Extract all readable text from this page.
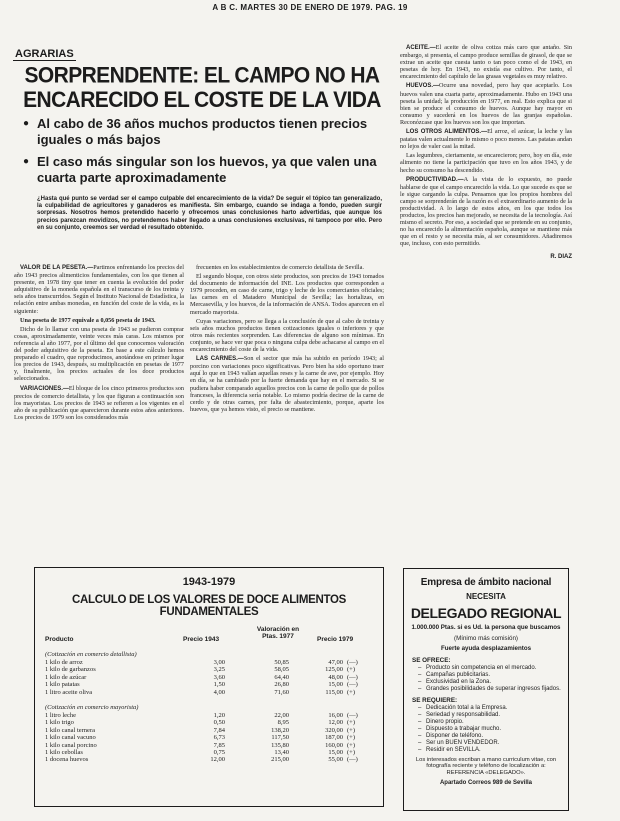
A B C. MARTES 30 DE ENERO DE 1979. PAG. 19
AGRARIAS
SORPRENDENTE: EL CAMPO NO HA ENCARECIDO EL COSTE DE LA VIDA
● Al cabo de 36 años muchos productos tienen precios iguales o más bajos
● El caso más singular son los huevos, ya que valen una cuarta parte aproximadamente
¿Hasta qué punto se verdad ser el campo culpable del encarecimiento de la vida? De seguir el tópico tan generalizado, la culpabilidad de agricultores y ganaderos es manifiesta. Sin embargo, cuando se indaga a fondo, pueden surgir sorpresas. Nosotros hemos pretendido hacerlo y ofrecemos unas conclusiones harto advertidas, que aunque los precios parezcan movidizos, no pretendemos haber llegado a unas conclusiones exclusivas, ni tampoco por ello. Pero en su conjunto, creemos ser verdad el resultado obtenido.

VALOR DE LA PESETA.—Partimos enfrentando los precios del año 1943 precios alimenticios fundamentales, con los que tienen al presente, en 1978 tiny que tener en cuenta la evolución del poder adquisitivo de la moneda española en el transcurso de los treinta y seis años transcurridos. Según el Instituto Nacional de Estadística, la relación entre ambas monedas, en función del coste de la vida, es la siguiente:

Una peseta de 1977 equivale a 0,056 peseta de 1943.

Dicho de lo llamar con una peseta de 1943 se pudieron comprar cosas, aproximadamente, veinte veces más caras. Los mismos por referencia al año 1977, por el último del que conocemos valoración del poder adquisitivo de la peseta. En base a este cálculo hemos preparado el cuadro, que reproducimos, anotándose en primer lugar los precios de 1943, después, su multiplicación en pesetas de 1977 y, finalmente, los precios actuales de los doce productos seleccionados.

VARIACIONES.—El bloque de los cinco primeros productos son precios de comercio detallista, y los que figuran a continuación son los mayoristas. Los precios de 1943 se refieren a los vigentes en el año de su publicación que aparecieron durante estos años anteriores. Los precios de 1979 son los considerados más

frecuentes en los establecimientos de comercio detallista de Sevilla.

El segundo bloque, con otros siete productos, son precios de 1943 tomados del documento de información del INE. Los productos que corresponden a 1979 proceden, en caso de carne, trigo y leche de los comerciantes oficiales; las carnes en el Matadero Municipal de Sevilla; las hortalizas, en Mercasevilla, y los huevos, de la información de ANSA. Todos aparecen en el mercado mayorista.

Cuyas variaciones, pero se llega a la conclusión de que al cabo de treinta y seis años muchos productos tienen cotizaciones iguales o inferiores y que otros más recientes sorprenden. Las diferencias de alguno son mínimas. En conjunto, se hace ver que poca o ninguna culpa debe achacarse al campo en el encarecimiento del coste de la vida.

LAS CARNES.—Son el sector que más ha subido en período 1943; al porcino con variaciones poco significativas. Pero bien ha sido oportuno traer aquí lo que en 1943 valían aquellas reses y la carne de ave, por ejemplo. Hoy en día, se ha cambiado por la fuerte demanda que hay en el mercado. Si se pudiera haber comparado aquellos precios con la carne de pollo que de pollos franceses, la diferencia sería notable. Lo mismo podría decirse de la carne de cerdo y de otras carnes, por falta de abastecimiento, porque, aparte los huevos, que ya hemos visto, el precio se mantiene.

ACEITE.—El aceite de oliva cotiza más caro que antaño. Sin embargo, si presenta, el campo produce semillas de girasol, de que se extrae un aceite que cuesta tanto o tan poco como el de 1943, en pesetas de hoy. En 1943, no existía ese cultivo. Por tanto, el encarecimiento del capítulo de las grasas vegetales es muy relativo.

HUEVOS.—Ocurre una novedad, pero hay que aceptarlo. Los huevos valen una cuarta parte, aproximadamente. Hubo en 1943 una peseta la unidad; la producción en 1977, en real. Esto explica que si bien se produce el consumo de huevos. Aunque hay mayor en consumo y sucederá en los huevos de las granjas españolas. Reconózcase que los huevos son los que importan.

LOS OTROS ALIMENTOS.—El arroz, el azúcar, la leche y las patatas valen actualmente lo mismo o poco menos. Las patatas andan no lejos de valer casi la mitad.

Las legumbres, ciertamente, se encarecieron; pero, hoy en día, este alimento no tiene la participación que tuvo en los años 1943, y de hecho su consumo ha descendido.

PRODUCTIVIDAD.—A la vista de lo expuesto, no puede hablarse de que el campo encarecido la vida. Lo que sucede es que se le sigue cargando la culpa. Pensamos que los propios hombres del campo se sorprenderán de la razón es el extraordinario aumento de la productividad. A lo largo de estos años, en los que todos los productos, los precios han mejorado, se necesita de la tecnología. Así mismo el secreto. Por eso, a sociedad que se pretende en su conjunto, no ha encarecido la alimentación española, aunque se mantiene más que en el resto y se necesita más, al ser consumidores. Añadiremos que, incluso, con esto permitido.

R. DIAZ
1943-1979
CALCULO DE LOS VALORES DE DOCE ALIMENTOS FUNDAMENTALES
Producto	Precio 1943
Valoración en Ptas. 1977	Precio 1979
(Cotización en comercio detallista)
1 kilo de arroz	3,00	50,85	47,00 (—)
1 kilo de garbanzos	3,25	58,05	125,00 (+)
1 kilo de azúcar	3,60	64,40	48,00 (—)
1 kilo patatas	1,50	26,80	15,00 (—)
1 litro aceite oliva	4,00	71,60	115,00 (+)
(Cotización en comercio mayorista)
1 litro leche	1,20	22,00	16,00 (—)
1 kilo trigo	0,50	8,95	12,00 (+)
1 kilo canal ternera	7,84	138,20	320,00 (+)
1 kilo canal vacuno	6,73	117,50	187,00 (+)
1 kilo canal porcino	7,85	135,80	160,00 (+)
1 kilo cebollas	0,75	13,40	15,00 (+)
1 docena huevos	12,00	215,00	55,00 (—)
Empresa de ámbito nacional
NECESITA
DELEGADO REGIONAL
1.000.000 Ptas. si es Ud. la persona que buscamos
(Mínimo más comisión)
Fuerte ayuda desplazamientos
SE OFRECE:
– Producto sin competencia en el mercado.
– Campañas publicitarias.
– Exclusividad en la Zona.
– Grandes posibilidades de superar ingresos fijados.
SE REQUIERE:
– Dedicación total a la Empresa.
– Seriedad y responsabilidad.
– Dinero propio.
– Dispuesto a trabajar mucho.
– Disponer de teléfono.
– Ser un BUEN VENDEDOR.
– Residir en SEVILLA.
Los interesados escriban a mano curriculum vitae, con fotografía reciente y teléfono de localización a: REFERENCIA «DELEGADO».
Apartado Correos 989 de Sevilla
